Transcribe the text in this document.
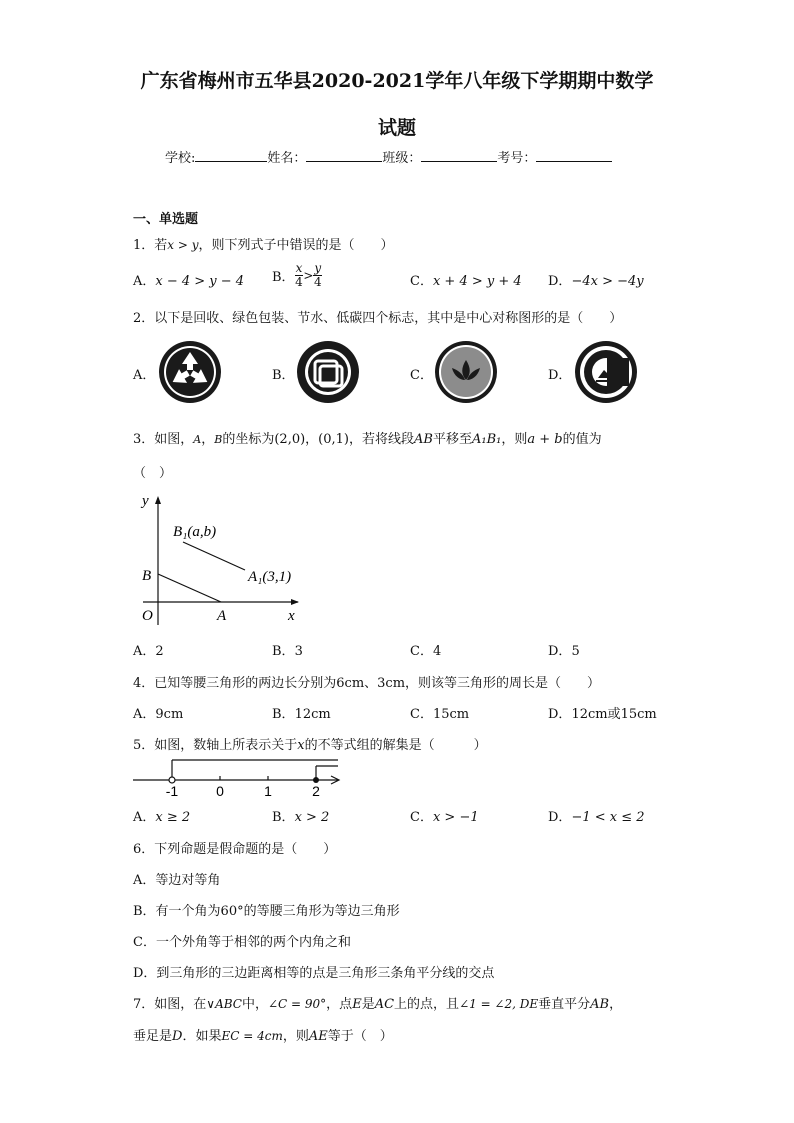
广东省梅州市五华县2020-2021学年八年级下学期期中数学
试题
学校:	姓名：	班级：	考号：
一、单选题
1．若x > y，则下列式子中错误的是（　　）
A．x − 4 > y − 4 B． $\frac{x}{4} > \frac{y}{4}$	C．x + 4 > y + 4 D．−4x > −4y
2．以下是回收、绿色包装、节水、低碳四个标志，其中是中心对称图形的是（　　）
A．	B．	C．	D．
3．如图，A，B的坐标为(2,0)，(0,1)，若将线段AB平移至A₁B₁，则a + b的值为
（　）
y
x
O	A
B
B₁(a,b)
A₁(3,1)
A．2	B．3	C．4	D．5
4．已知等腰三角形的两边长分别为6cm、3cm，则该等三角形的周长是（　　）
A．9cm	B．12cm	C．15cm	D．12cm或15cm
5．如图，数轴上所表示关于x的不等式组的解集是（　　　）
-1	0	1	2
A．x ≥ 2	B．x > 2	C．x > −1	D．−1 < x ≤ 2
6．下列命题是假命题的是（　　）
A．等边对等角
B．有一个角为60°的等腰三角形为等边三角形
C．一个外角等于相邻的两个内角之和
D．到三角形的三边距离相等的点是三角形三条角平分线的交点
7．如图，在∨ABC中，∠C = 90°，点E是AC上的点，且∠1 = ∠2, DE垂直平分AB，
垂足是D．如果EC = 4cm，则AE等于（　）
